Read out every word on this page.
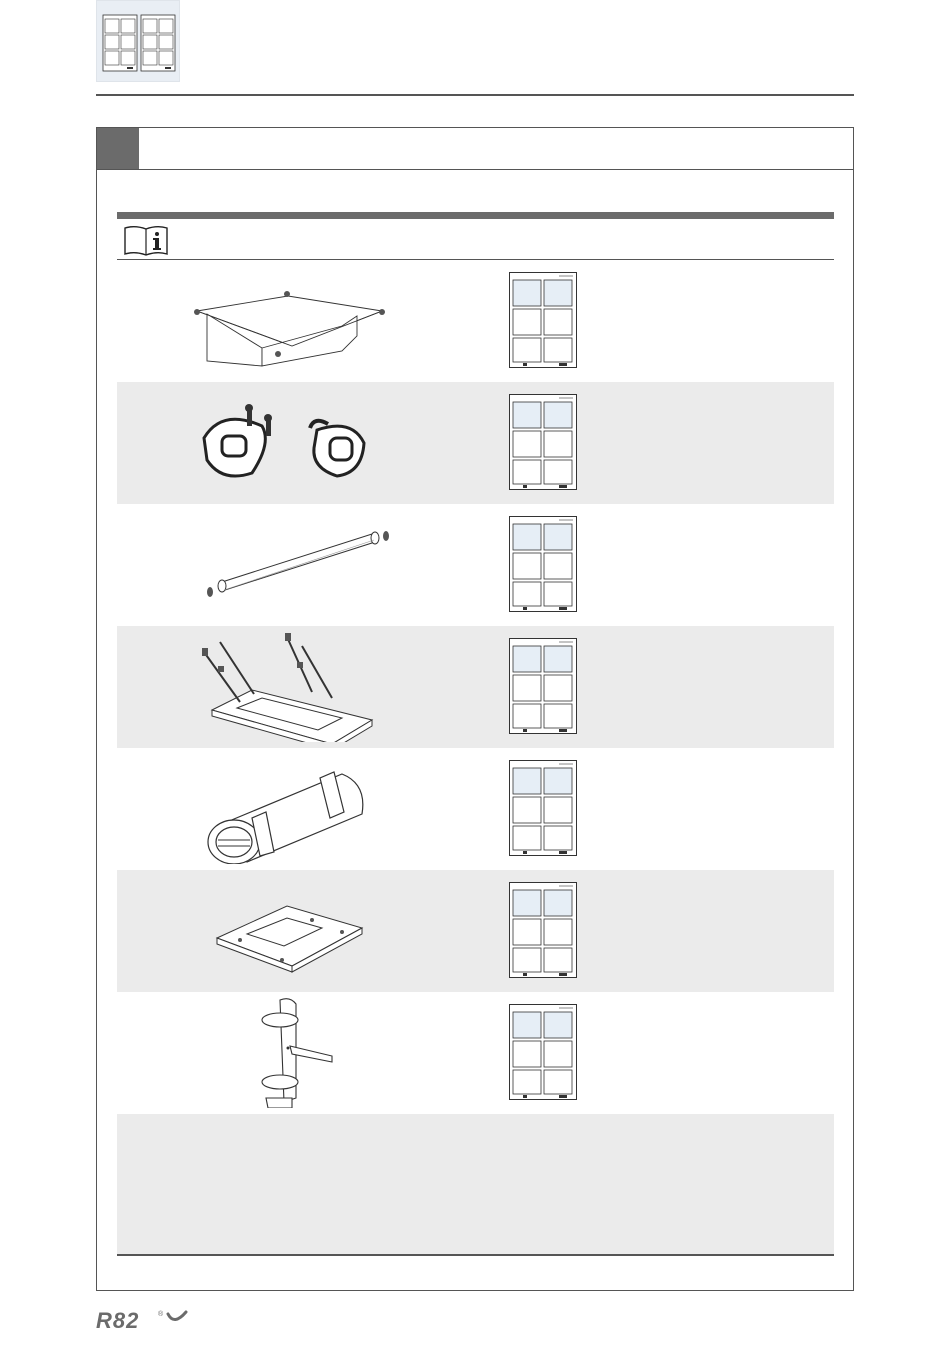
R82	®
